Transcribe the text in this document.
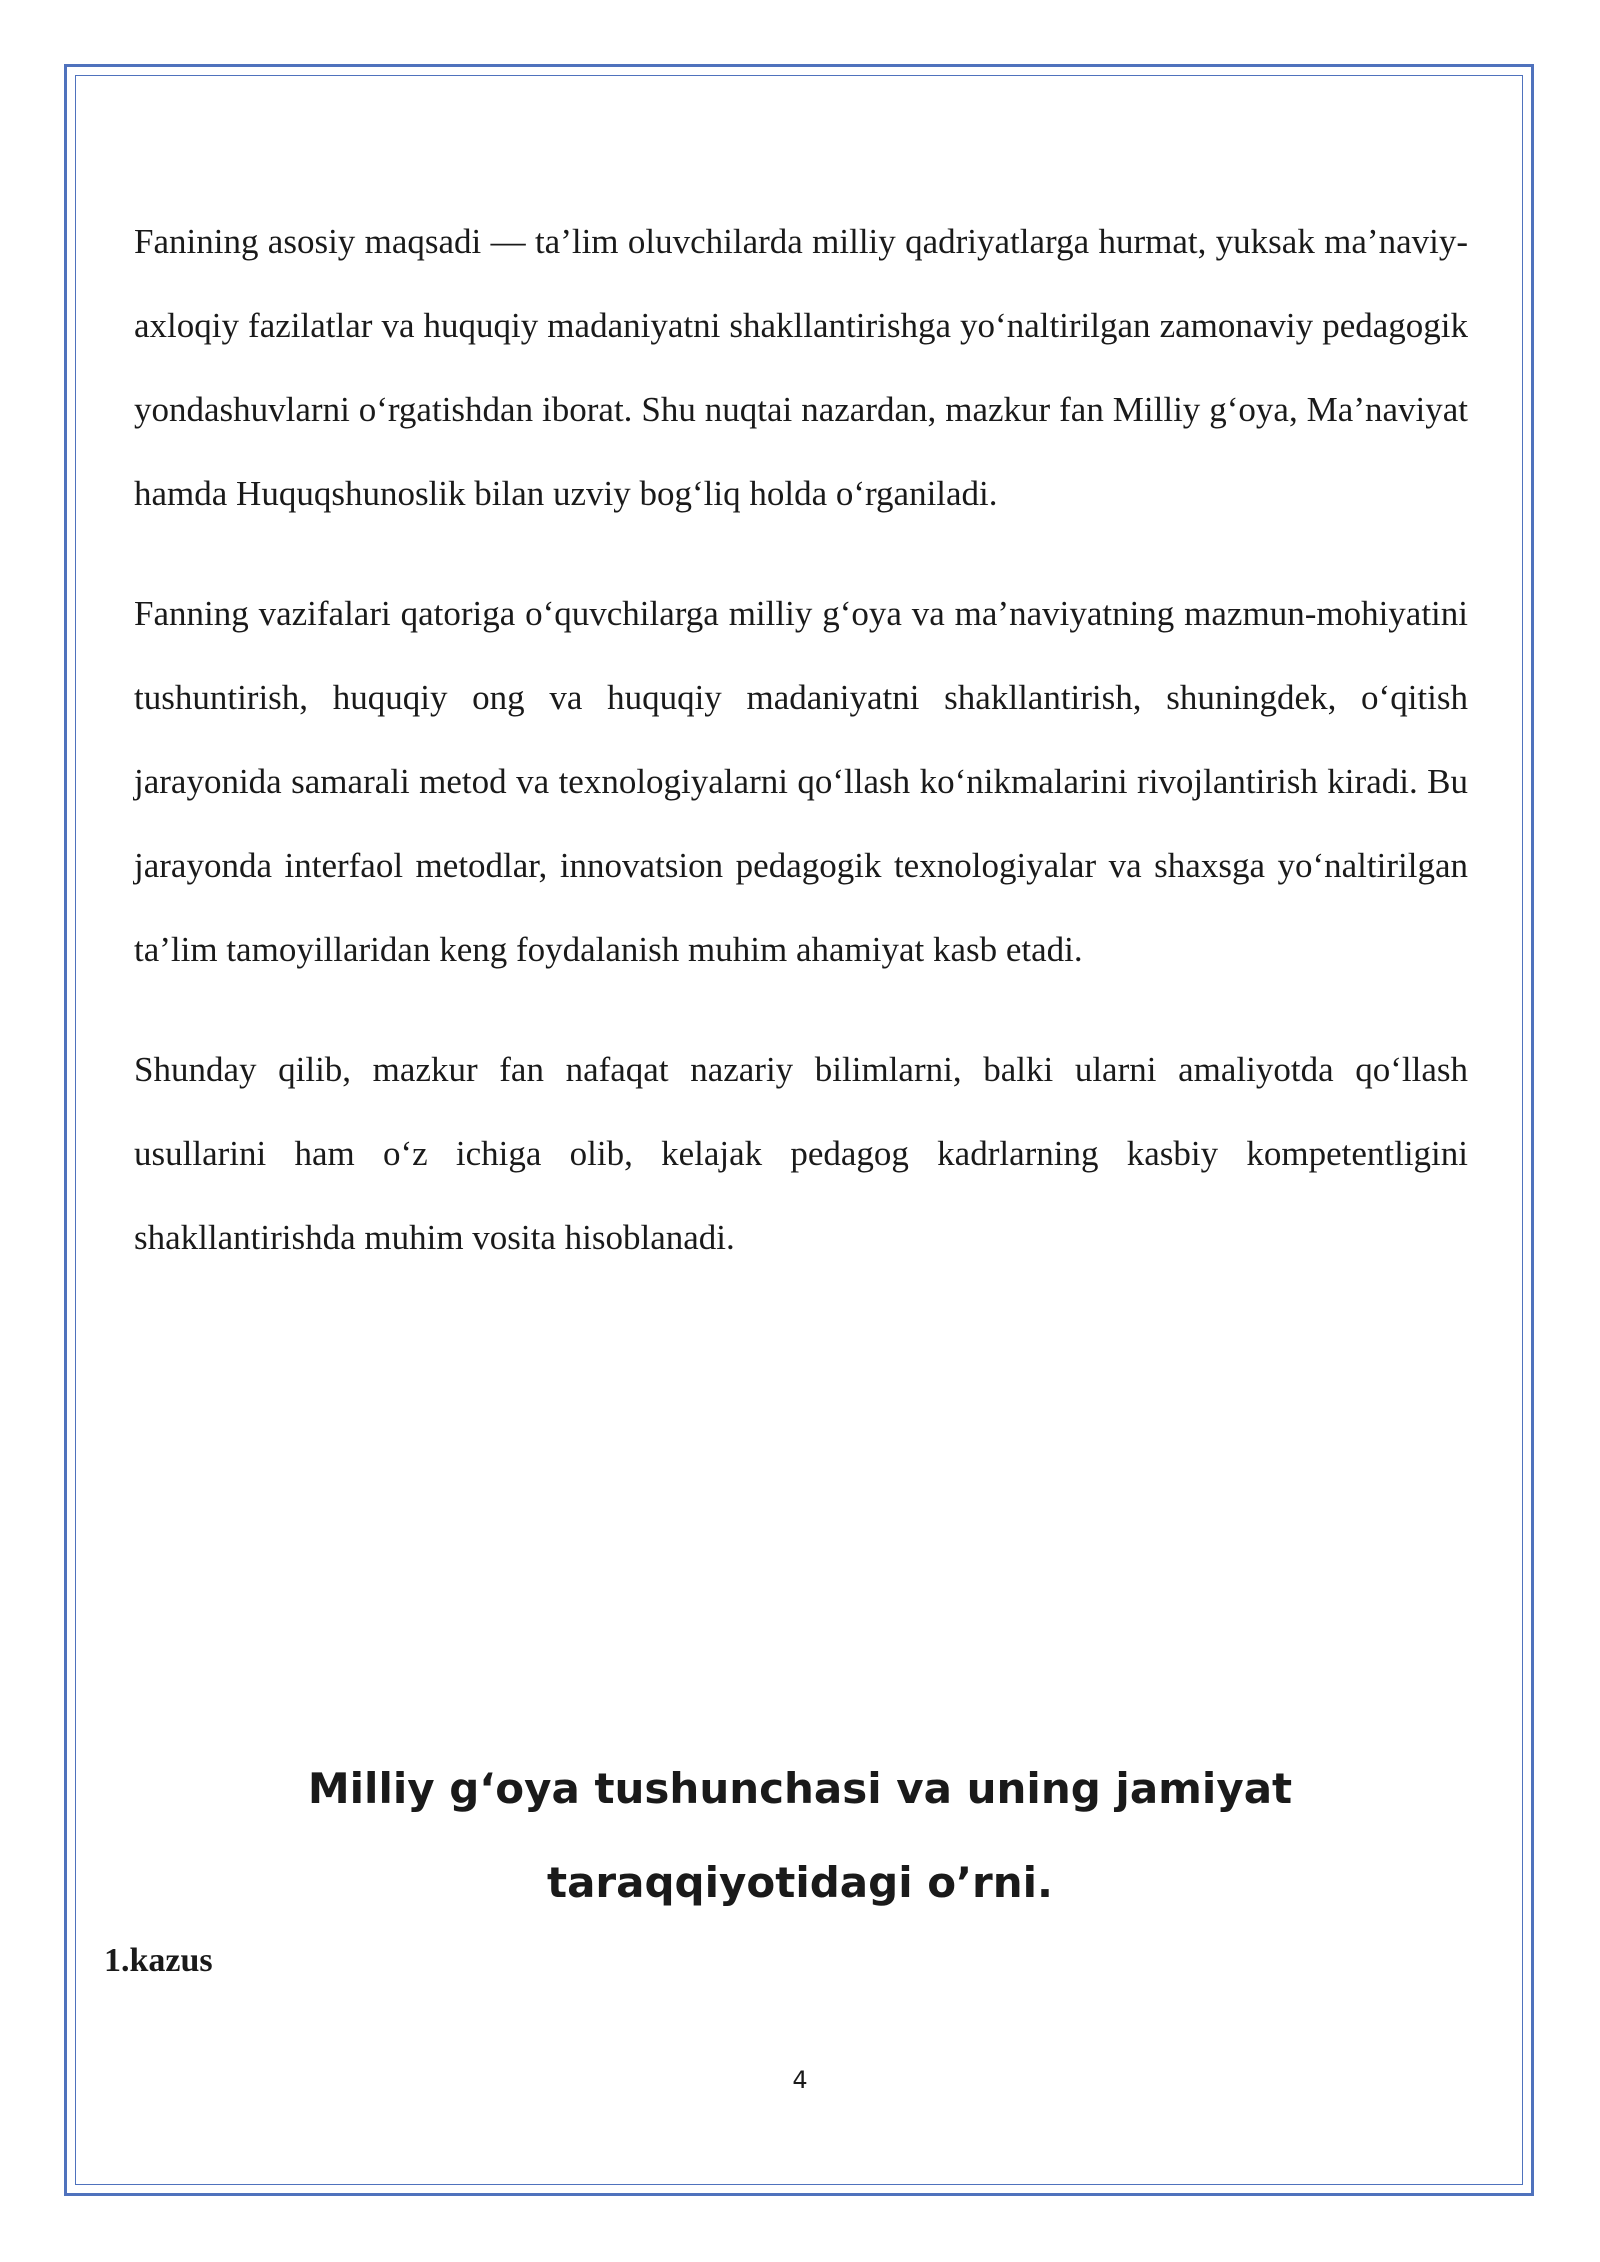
Fanining asosiy maqsadi — ta’lim oluvchilarda milliy qadriyatlarga hurmat, yuksak ma’naviy-axloqiy fazilatlar va huquqiy madaniyatni shakllantirishga yo‘naltirilgan zamonaviy pedagogik yondashuvlarni o‘rgatishdan iborat. Shu nuqtai nazardan, mazkur fan Milliy g‘oya, Ma’naviyat hamda Huquqshunoslik bilan uzviy bog‘liq holda o‘rganiladi.

Fanning vazifalari qatoriga o‘quvchilarga milliy g‘oya va ma’naviyatning mazmun-mohiyatini tushuntirish, huquqiy ong va huquqiy madaniyatni shakllantirish, shuningdek, o‘qitish jarayonida samarali metod va texnologiyalarni qo‘llash ko‘nikmalarini rivojlantirish kiradi. Bu jarayonda interfaol metodlar, innovatsion pedagogik texnologiyalar va shaxsga yo‘naltirilgan ta’lim tamoyillaridan keng foydalanish muhim ahamiyat kasb etadi.

Shunday qilib, mazkur fan nafaqat nazariy bilimlarni, balki ularni amaliyotda qo‘llash usullarini ham o‘z ichiga olib, kelajak pedagog kadrlarning kasbiy kompetentligini shakllantirishda muhim vosita hisoblanadi.

Milliy g‘oya tushunchasi va uning jamiyat taraqqiyotidagi o’rni.
1.kazus
4
